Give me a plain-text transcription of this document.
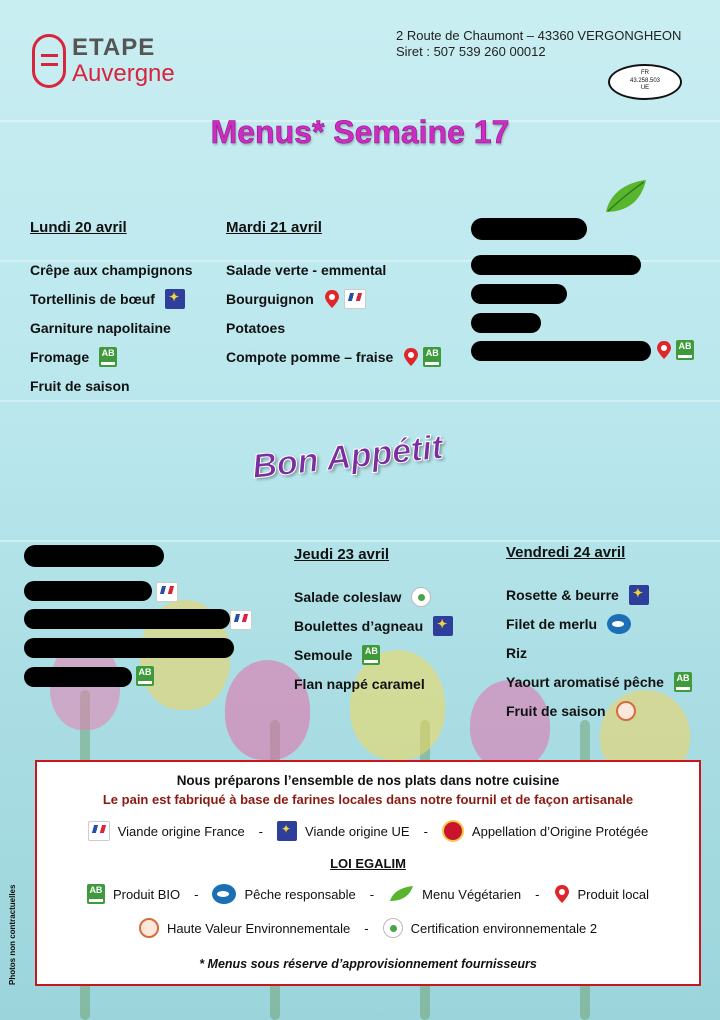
ETAPE
Auvergne
2 Route de Chaumont – 43360 VERGONGHEON
Siret : 507 539 260 00012
FR
43.258.503
UE
Menus* Semaine 17
Lundi 20 avril
Crêpe aux champignons
Tortellinis de bœuf
✦
Garniture napolitaine
Fromage AB
Fruit de saison
Mardi 21 avril
Salade verte - emmental
Bourguignon
Potatoes
Compote pomme – fraise	AB
AB
Bon Appétit
AB
Jeudi 23 avril
Salade coleslaw
Boulettes d’agneau
✦
Semoule AB
Flan nappé caramel
Vendredi 24 avril
Rosette & beurre
✦
Filet de merlu
Riz
Yaourt aromatisé pêche AB
Fruit de saison
Nous préparons l’ensemble de nos plats dans notre cuisine
Le pain est fabriqué à base de farines locales dans notre fournil et de façon artisanale
Viande origine France -
✦	Viande origine UE -	Appellation d’Origine Protégée
LOI EGALIM
AB Produit BIO -	Pêche responsable -	Menu Végétarien -	Produit local
Haute Valeur Environnementale -	Certification environnementale 2
* Menus sous réserve d’approvisionnement fournisseurs
Photos non contractuelles
